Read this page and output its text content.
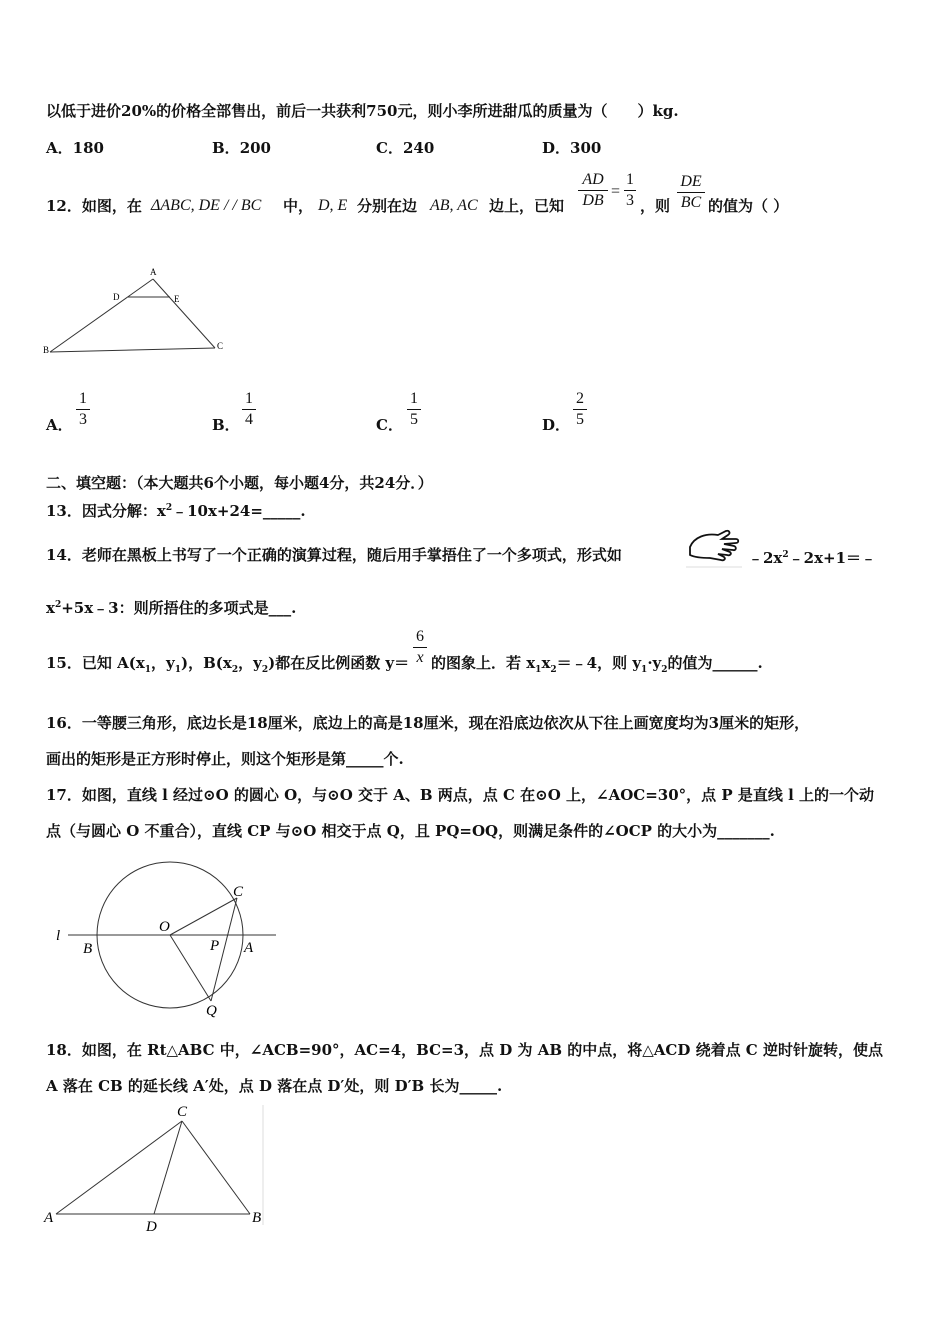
以低于进价20%的价格全部售出，前后一共获利750元，则小李所进甜瓜的质量为（　　）kg.
A．180	B．200	C．240	D．300
12．如图，在 ΔABC, DE / / BC 中， D, E 分别在边 AB, AC 边上，已知
AD
DB
=
1
3 ，则
DE
BC 的值为（ ）
A
D	E
B	C
A．
1
3	B．
1
4	C．
1
5	D．
2
5
二、填空题：（本大题共6个小题，每小题4分，共24分．）
13．因式分解：$x^2﹣10x+24=\_\_\_\_\_$.
14．老师在黑板上书写了一个正确的演算过程，随后用手掌捂住了一个多项式，形式如	$﹣2x^2﹣2x+1=﹣$
$x^2+5x﹣3$：则所捂住的多项式是___.
15．已知 $A(x_1$，$y_1$)，$B(x_2$，$y_2$)都在反比例函数 y＝
6
x 的图象上．若 $x_1x_2=﹣4$，则 $y_1\cdot y_2$的值为______.
16．一等腰三角形，底边长是18厘米，底边上的高是18厘米，现在沿底边依次从下往上画宽度均为3厘米的矩形，
画出的矩形是正方形时停止，则这个矩形是第_____个.
17．如图，直线 l 经过⊙O 的圆心 O，与⊙O 交于 A、B 两点，点 C 在⊙O 上，∠AOC=30°，点 P 是直线 l 上的一个动
点（与圆心 O 不重合），直线 CP 与⊙O 相交于点 Q，且 PQ=OQ，则满足条件的∠OCP 的大小为_______.
l
B
O
P A
C
Q
18．如图，在 Rt△ABC 中，∠ACB=90°，AC=4，BC=3，点 D 为 AB 的中点，将△ACD 绕着点 C 逆时针旋转，使点
A 落在 CB 的延长线 A′处，点 D 落在点 D′处，则 D′B 长为_____.
C
A
D
B
